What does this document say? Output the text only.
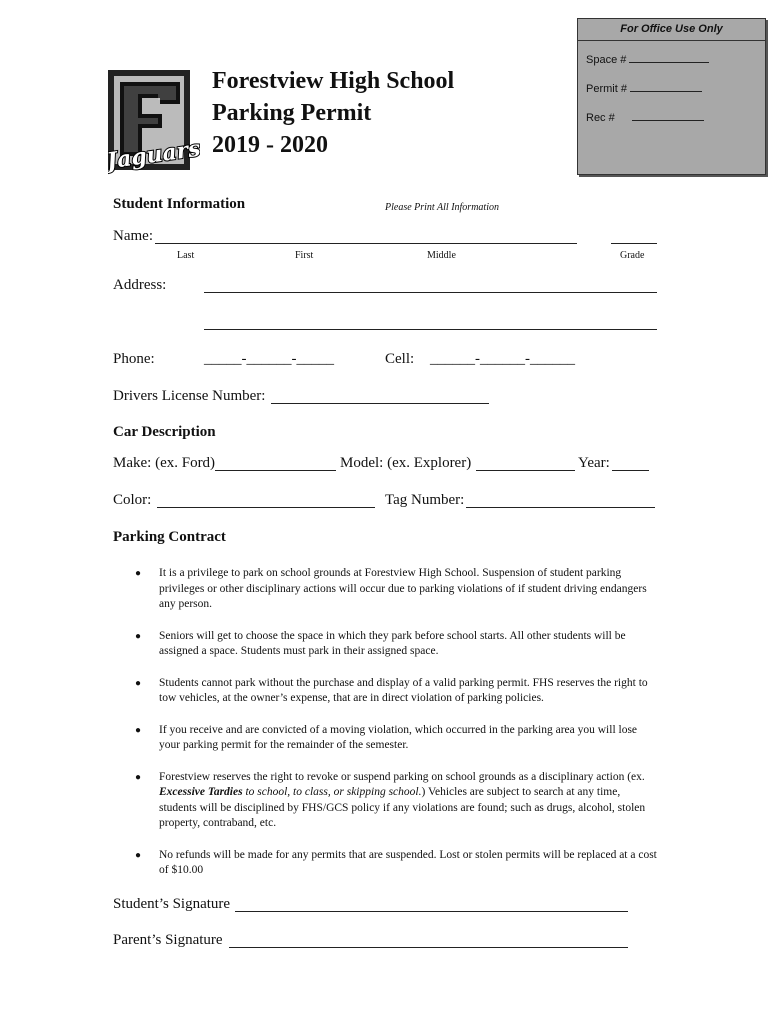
For Office Use Only
Space #
Permit #
Rec #
Jaguars
Forestview High School
Parking Permit
2019 - 2020
Student Information	Please Print All Information
Name:
Last	First	Middle	Grade
Address:
Phone:	_____-______-_____	Cell: ______-______-______
Drivers License Number:
Car Description
Make: (ex. Ford)	Model: (ex. Explorer)	Year:
Color:	Tag Number:
Parking Contract
● It is a privilege to park on school grounds at Forestview High School. Suspension of student parking privileges or other disciplinary actions will occur due to parking violations of if student driving endangers any person.
● Seniors will get to choose the space in which they park before school starts. All other students will be assigned a space. Students must park in their assigned space.
● Students cannot park without the purchase and display of a valid parking permit. FHS reserves the right to tow vehicles, at the owner’s expense, that are in direct violation of parking policies.
● If you receive and are convicted of a moving violation, which occurred in the parking area you will lose your parking permit for the remainder of the semester.
● Forestview reserves the right to revoke or suspend parking on school grounds as a disciplinary action (ex. Excessive Tardies to school, to class, or skipping school.) Vehicles are subject to search at any time, students will be disciplined by FHS/GCS policy if any violations are found; such as drugs, alcohol, stolen property, contraband, etc.
● No refunds will be made for any permits that are suspended. Lost or stolen permits will be replaced at a cost of $10.00
Student’s Signature
Parent’s Signature
